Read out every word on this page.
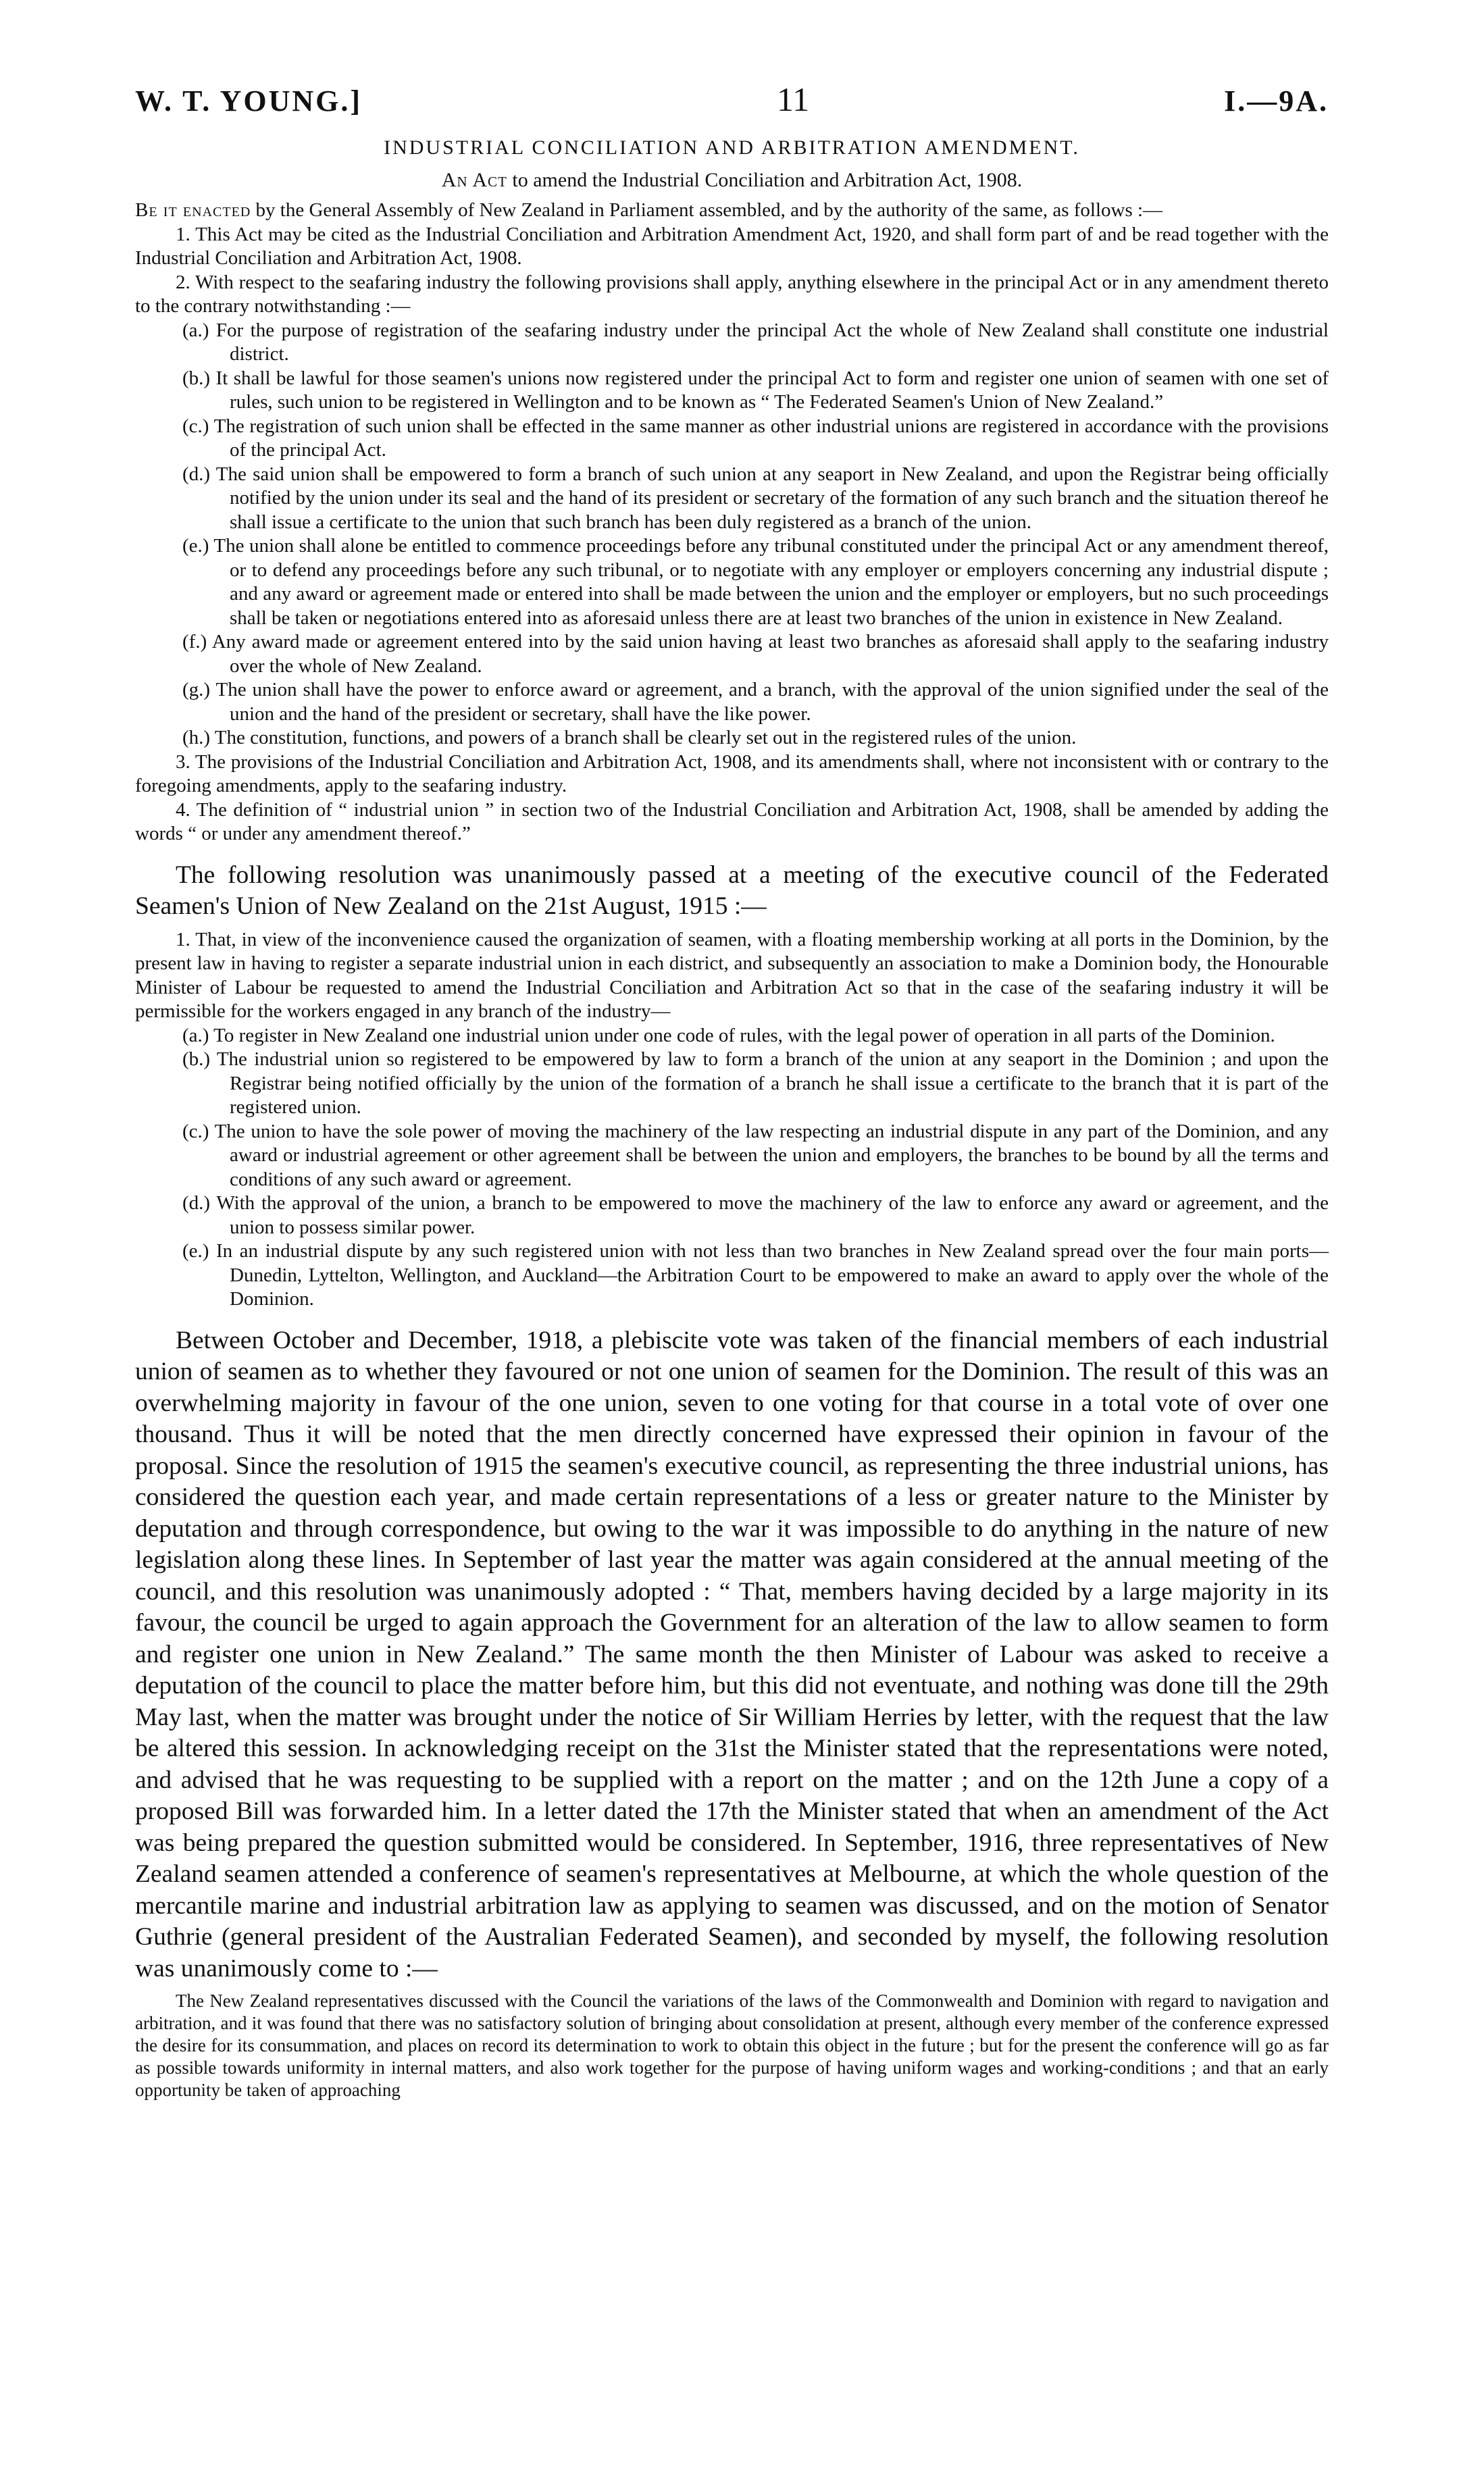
W. T. YOUNG.]	11	I.—9A.
INDUSTRIAL CONCILIATION AND ARBITRATION AMENDMENT.
An Act to amend the Industrial Conciliation and Arbitration Act, 1908.

Be it enacted by the General Assembly of New Zealand in Parliament assembled, and by the authority of the same, as follows :—

1. This Act may be cited as the Industrial Conciliation and Arbitration Amendment Act, 1920, and shall form part of and be read together with the Industrial Conciliation and Arbitration Act, 1908.

2. With respect to the seafaring industry the following provisions shall apply, anything elsewhere in the principal Act or in any amendment thereto to the contrary notwithstanding :—

(a.) For the purpose of registration of the seafaring industry under the principal Act the whole of New Zealand shall constitute one industrial district.

(b.) It shall be lawful for those seamen's unions now registered under the principal Act to form and register one union of seamen with one set of rules, such union to be registered in Wellington and to be known as “ The Federated Seamen's Union of New Zealand.”

(c.) The registration of such union shall be effected in the same manner as other industrial unions are registered in accordance with the provisions of the principal Act.

(d.) The said union shall be empowered to form a branch of such union at any seaport in New Zealand, and upon the Registrar being officially notified by the union under its seal and the hand of its president or secretary of the formation of any such branch and the situation thereof he shall issue a certificate to the union that such branch has been duly registered as a branch of the union.

(e.) The union shall alone be entitled to commence proceedings before any tribunal constituted under the principal Act or any amendment thereof, or to defend any proceedings before any such tribunal, or to negotiate with any employer or employers concerning any industrial dispute ; and any award or agreement made or entered into shall be made between the union and the employer or employers, but no such proceedings shall be taken or negotiations entered into as aforesaid unless there are at least two branches of the union in existence in New Zealand.

(f.) Any award made or agreement entered into by the said union having at least two branches as aforesaid shall apply to the seafaring industry over the whole of New Zealand.

(g.) The union shall have the power to enforce award or agreement, and a branch, with the approval of the union signified under the seal of the union and the hand of the president or secretary, shall have the like power.

(h.) The constitution, functions, and powers of a branch shall be clearly set out in the registered rules of the union.

3. The provisions of the Industrial Conciliation and Arbitration Act, 1908, and its amendments shall, where not inconsistent with or contrary to the foregoing amendments, apply to the seafaring industry.

4. The definition of “ industrial union ” in section two of the Industrial Conciliation and Arbitration Act, 1908, shall be amended by adding the words “ or under any amendment thereof.”

The following resolution was unanimously passed at a meeting of the executive council of the Federated Seamen's Union of New Zealand on the 21st August, 1915 :—

1. That, in view of the inconvenience caused the organization of seamen, with a floating membership working at all ports in the Dominion, by the present law in having to register a separate industrial union in each district, and subsequently an association to make a Dominion body, the Honourable Minister of Labour be requested to amend the Industrial Conciliation and Arbitration Act so that in the case of the seafaring industry it will be permissible for the workers engaged in any branch of the industry—

(a.) To register in New Zealand one industrial union under one code of rules, with the legal power of operation in all parts of the Dominion.

(b.) The industrial union so registered to be empowered by law to form a branch of the union at any seaport in the Dominion ; and upon the Registrar being notified officially by the union of the formation of a branch he shall issue a certificate to the branch that it is part of the registered union.

(c.) The union to have the sole power of moving the machinery of the law respecting an industrial dispute in any part of the Dominion, and any award or industrial agreement or other agreement shall be between the union and employers, the branches to be bound by all the terms and conditions of any such award or agreement.

(d.) With the approval of the union, a branch to be empowered to move the machinery of the law to enforce any award or agreement, and the union to possess similar power.

(e.) In an industrial dispute by any such registered union with not less than two branches in New Zealand spread over the four main ports—Dunedin, Lyttelton, Wellington, and Auckland—the Arbitration Court to be empowered to make an award to apply over the whole of the Dominion.

Between October and December, 1918, a plebiscite vote was taken of the financial members of each industrial union of seamen as to whether they favoured or not one union of seamen for the Dominion. The result of this was an overwhelming majority in favour of the one union, seven to one voting for that course in a total vote of over one thousand. Thus it will be noted that the men directly concerned have expressed their opinion in favour of the proposal. Since the resolution of 1915 the seamen's executive council, as representing the three industrial unions, has considered the question each year, and made certain representations of a less or greater nature to the Minister by deputation and through correspondence, but owing to the war it was impossible to do anything in the nature of new legislation along these lines. In September of last year the matter was again considered at the annual meeting of the council, and this resolution was unanimously adopted : “ That, members having decided by a large majority in its favour, the council be urged to again approach the Government for an alteration of the law to allow seamen to form and register one union in New Zealand.” The same month the then Minister of Labour was asked to receive a deputation of the council to place the matter before him, but this did not eventuate, and nothing was done till the 29th May last, when the matter was brought under the notice of Sir William Herries by letter, with the request that the law be altered this session. In acknowledging receipt on the 31st the Minister stated that the representations were noted, and advised that he was requesting to be supplied with a report on the matter ; and on the 12th June a copy of a proposed Bill was forwarded him. In a letter dated the 17th the Minister stated that when an amendment of the Act was being prepared the question submitted would be considered. In September, 1916, three representatives of New Zealand seamen attended a conference of seamen's representatives at Melbourne, at which the whole question of the mercantile marine and industrial arbitration law as applying to seamen was discussed, and on the motion of Senator Guthrie (general president of the Australian Federated Seamen), and seconded by myself, the following resolution was unanimously come to :—

The New Zealand representatives discussed with the Council the variations of the laws of the Commonwealth and Dominion with regard to navigation and arbitration, and it was found that there was no satisfactory solution of bringing about consolidation at present, although every member of the conference expressed the desire for its consummation, and places on record its determination to work to obtain this object in the future ; but for the present the conference will go as far as possible towards uniformity in internal matters, and also work together for the purpose of having uniform wages and working-conditions ; and that an early opportunity be taken of approaching
